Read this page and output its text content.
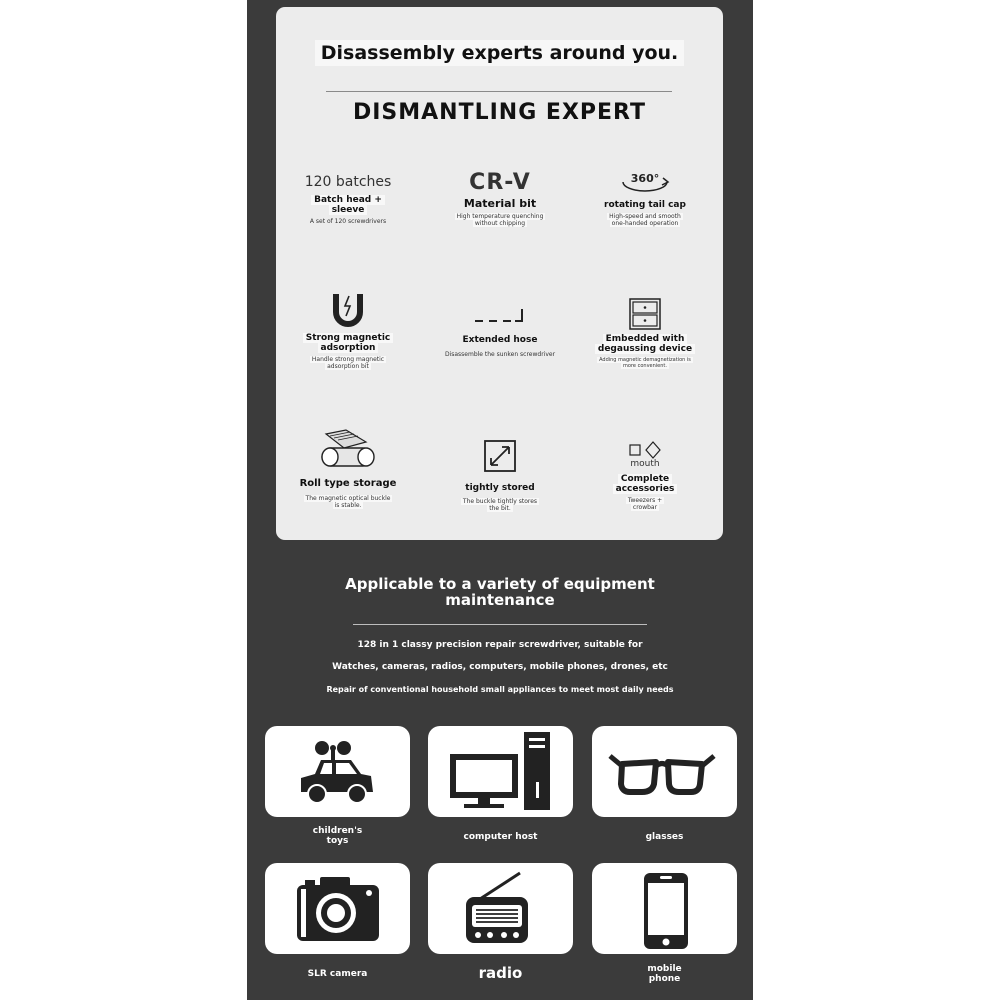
Disassembly experts around you.
DISMANTLING EXPERT
120 batches
Batch head +
sleeve
A set of 120 screwdrivers
CR-V
Material bit
High temperature quenching
without chipping
360°
rotating tail cap
High-speed and smooth
one-handed operation
Strong magnetic
adsorption
Handle strong magnetic
adsorption bit
Extended hose
Disassemble the sunken screwdriver
Embedded with
degaussing device
Adding magnetic demagnetization is
more convenient.
Roll type storage
The magnetic optical buckle
is stable.
tightly stored
The buckle tightly stores
the bit.
mouth
Complete
accessories
Tweezers +
crowbar
Applicable to a variety of equipment
maintenance
128 in 1 classy precision repair screwdriver, suitable for
Watches, cameras, radios, computers, mobile phones, drones, etc
Repair of conventional household small appliances to meet most daily needs
children's
toys	computer host	glasses
SLR camera	radio	mobile
phone
